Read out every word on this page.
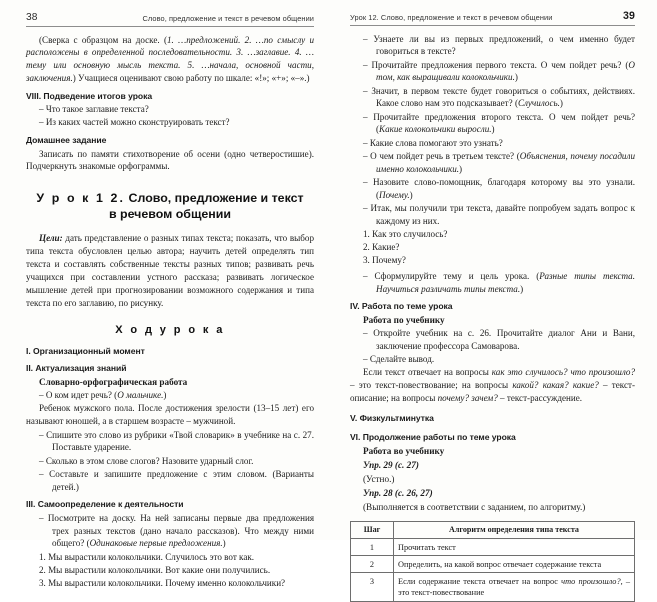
38	Слово, предложение и текст в речевом общении

(Сверка с образцом на доске. (1. …предложений. 2. …по смыслу и расположены в определенной последовательности. 3. …заглавие. 4. …тему или основную мысль текста. 5. …начала, основной части, заключения.) Учащиеся оценивают свою работу по шкале: «!»; «+»; «–».)

VIII. Подведение итогов урока

– Что такое заглавие текста?

– Из каких частей можно сконструировать текст?

Домашнее задание

Записать по памяти стихотворение об осени (одно четверостишие). Подчеркнуть знакомые орфограммы.

У р о к 1 2. Слово, предложение и текст
в речевом общении

Цели: дать представление о разных типах текста; показать, что выбор типа текста обусловлен целью автора; научить детей определять тип текста и составлять собственные тексты разных типов; развивать речь учащихся при составлении устного рассказа; развивать логическое мышление детей при прогнозировании возможного содержания и типа текста по его заглавию, по рисунку.

Х о д у р о к а

I. Организационный момент

II. Актуализация знаний

Словарно-орфографическая работа

– О ком идет речь? (О мальчике.)

Ребенок мужского пола. После достижения зрелости (13–15 лет) его называют юношей, а в старшем возрасте – мужчиной.

– Спишите это слово из рубрики «Твой словарик» в учебнике на с. 27. Поставьте ударение.

– Сколько в этом слове слогов? Назовите ударный слог.

– Составьте и запишите предложение с этим словом. (Варианты детей.)

III. Самоопределение к деятельности

– Посмотрите на доску. На ней записаны первые два предложения трех разных текстов (дано начало рассказов). Что между ними общего? (Одинаковые первые предложения.)

1. Мы вырастили колокольчики. Случилось это вот как.

2. Мы вырастили колокольчики. Вот какие они получились.

3. Мы вырастили колокольчики. Почему именно колокольчики?

Урок 12. Слово, предложение и текст в речевом общении	39

– Узнаете ли вы из первых предложений, о чем именно будет говориться в тексте?

– Прочитайте предложения первого текста. О чем пойдет речь? (О том, как выращивали колокольчики.)

– Значит, в первом тексте будет говориться о событиях, действиях. Какое слово нам это подсказывает? (Случилось.)

– Прочитайте предложения второго текста. О чем пойдет речь? (Какие колокольчики выросли.)

– Какие слова помогают это узнать?

– О чем пойдет речь в третьем тексте? (Объяснения, почему посадили именно колокольчики.)

– Назовите слово-помощник, благодаря которому вы это узнали. (Почему.)

– Итак, мы получили три текста, давайте попробуем задать вопрос к каждому из них.

1. Как это случилось?

2. Какие?

3. Почему?

– Сформулируйте тему и цель урока. (Разные типы текста. Научиться различать типы текста.)

IV. Работа по теме урока

Работа по учебнику

– Откройте учебник на с. 26. Прочитайте диалог Ани и Вани, заключение профессора Самоварова.

– Сделайте вывод.

Если текст отвечает на вопросы как это случилось? что произошло? – это текст-повествование; на вопросы какой? какая? какие? – текст-описание; на вопросы почему? зачем? – текст-рассуждение.

V. Физкультминутка

VI. Продолжение работы по теме урока

Работа во учебнику

Упр. 29 (с. 27)

(Устно.)

Упр. 28 (с. 26, 27)

(Выполняется в соответствии с заданием, по алгоритму.)

Шаг	Алгоритм определения типа текста
1	Прочитать текст
2	Определить, на какой вопрос отвечает содержание текста
3	Если содержание текста отвечает на вопрос что произошло?, – это текст-повествование
